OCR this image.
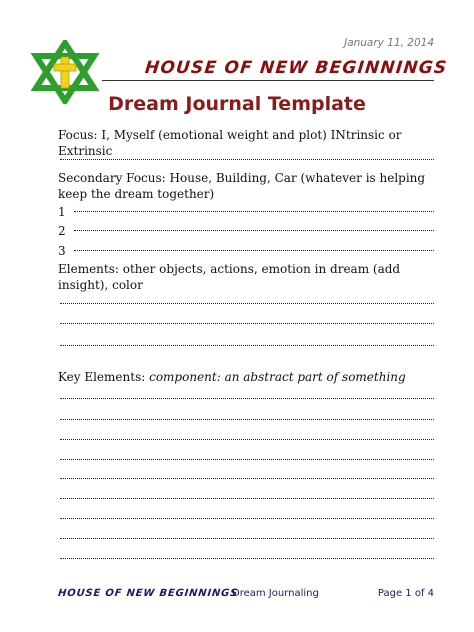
January 11, 2014
HOUSE OF NEW BEGINNINGS
Dream Journal Template
Focus: I, Myself (emotional weight and plot) INtrinsic or Extrinsic
Secondary Focus: House, Building, Car (whatever is helping keep the dream together)
1
2
3
Elements: other objects, actions, emotion in dream (add insight), color
Key Elements: component: an abstract part of something
HOUSE OF NEW BEGINNINGS
Dream Journaling	Page 1 of 4
